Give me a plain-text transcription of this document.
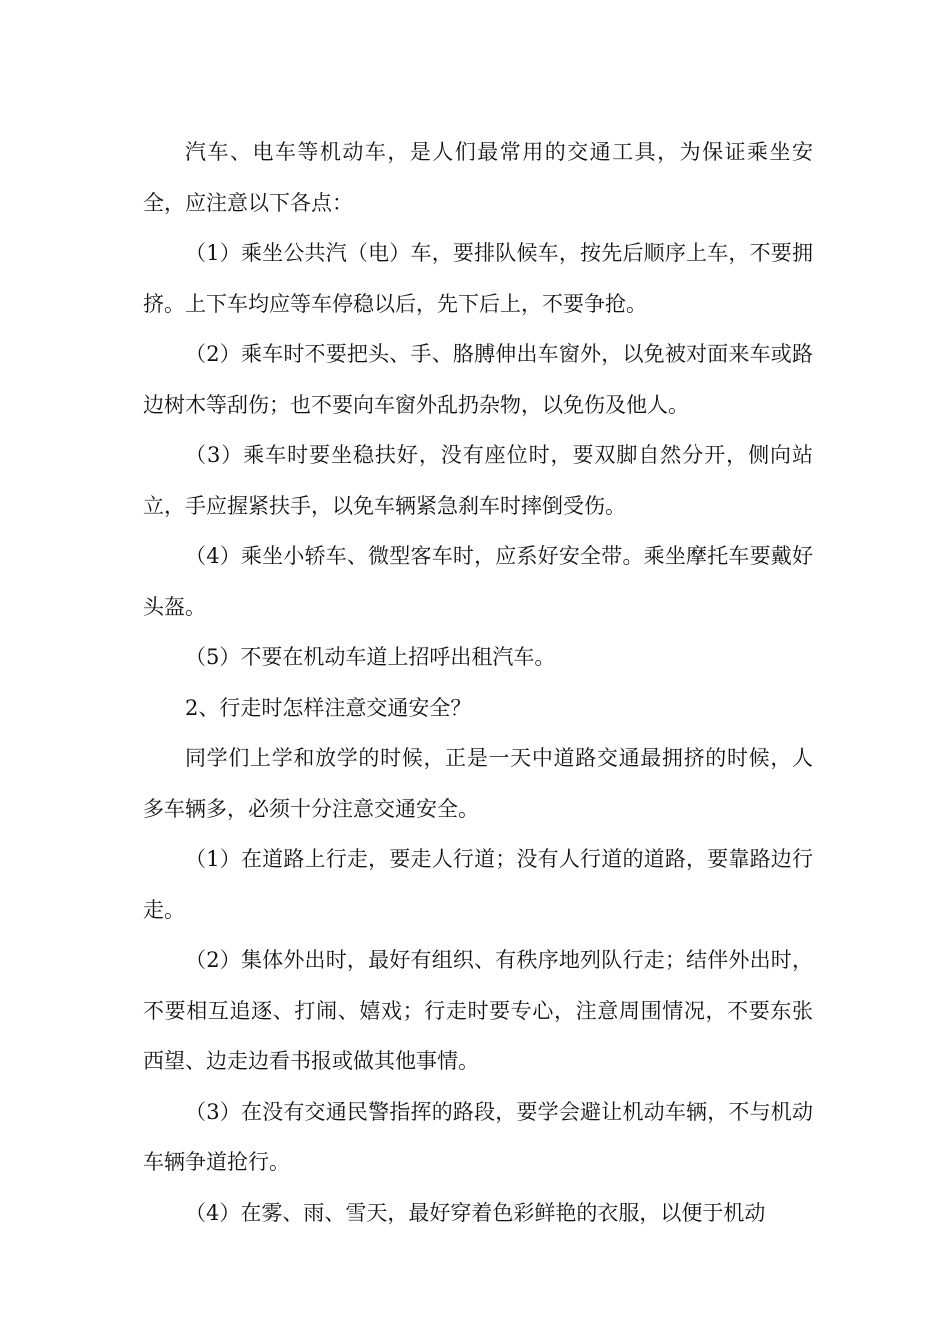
汽车、电车等机动车，是人们最常用的交通工具，为保证乘坐安全，应注意以下各点：

（1）乘坐公共汽（电）车，要排队候车，按先后顺序上车，不要拥挤。上下车均应等车停稳以后，先下后上，不要争抢。

（2）乘车时不要把头、手、胳膊伸出车窗外，以免被对面来车或路边树木等刮伤；也不要向车窗外乱扔杂物，以免伤及他人。

（3）乘车时要坐稳扶好，没有座位时，要双脚自然分开，侧向站立，手应握紧扶手，以免车辆紧急刹车时摔倒受伤。

（4）乘坐小轿车、微型客车时，应系好安全带。乘坐摩托车要戴好头盔。

（5）不要在机动车道上招呼出租汽车。

2、行走时怎样注意交通安全？

同学们上学和放学的时候，正是一天中道路交通最拥挤的时候，人多车辆多，必须十分注意交通安全。

（1）在道路上行走，要走人行道；没有人行道的道路，要靠路边行走。

（2）集体外出时，最好有组织、有秩序地列队行走；结伴外出时，不要相互追逐、打闹、嬉戏；行走时要专心，注意周围情况，不要东张西望、边走边看书报或做其他事情。

（3）在没有交通民警指挥的路段，要学会避让机动车辆，不与机动车辆争道抢行。

（4）在雾、雨、雪天，最好穿着色彩鲜艳的衣服，以便于机动
